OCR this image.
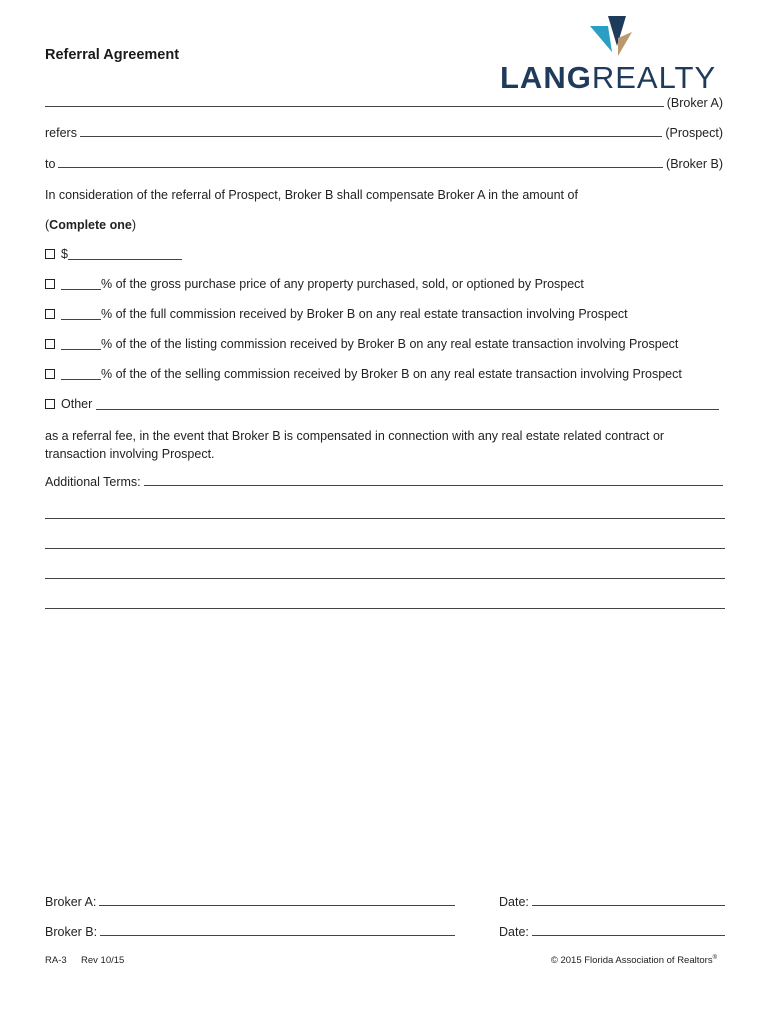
Referral Agreement
LANGREALTY
(Broker A)
refers	(Prospect)
to	(Broker B)
In consideration of the referral of Prospect, Broker B shall compensate Broker A in the amount of
(Complete one)
$
% of the gross purchase price of any property purchased, sold, or optioned by Prospect
% of the full commission received by Broker B on any real estate transaction involving Prospect
% of the of the listing commission received by Broker B on any real estate transaction involving Prospect
% of the of the selling commission received by Broker B on any real estate transaction involving Prospect
Other
as a referral fee, in the event that Broker B is compensated in connection with any real estate related contract or transaction involving Prospect.
Additional Terms:
Broker A:	Date:
Broker B:	Date:
RA-3 Rev 10/15	© 2015 Florida Association of Realtors®
